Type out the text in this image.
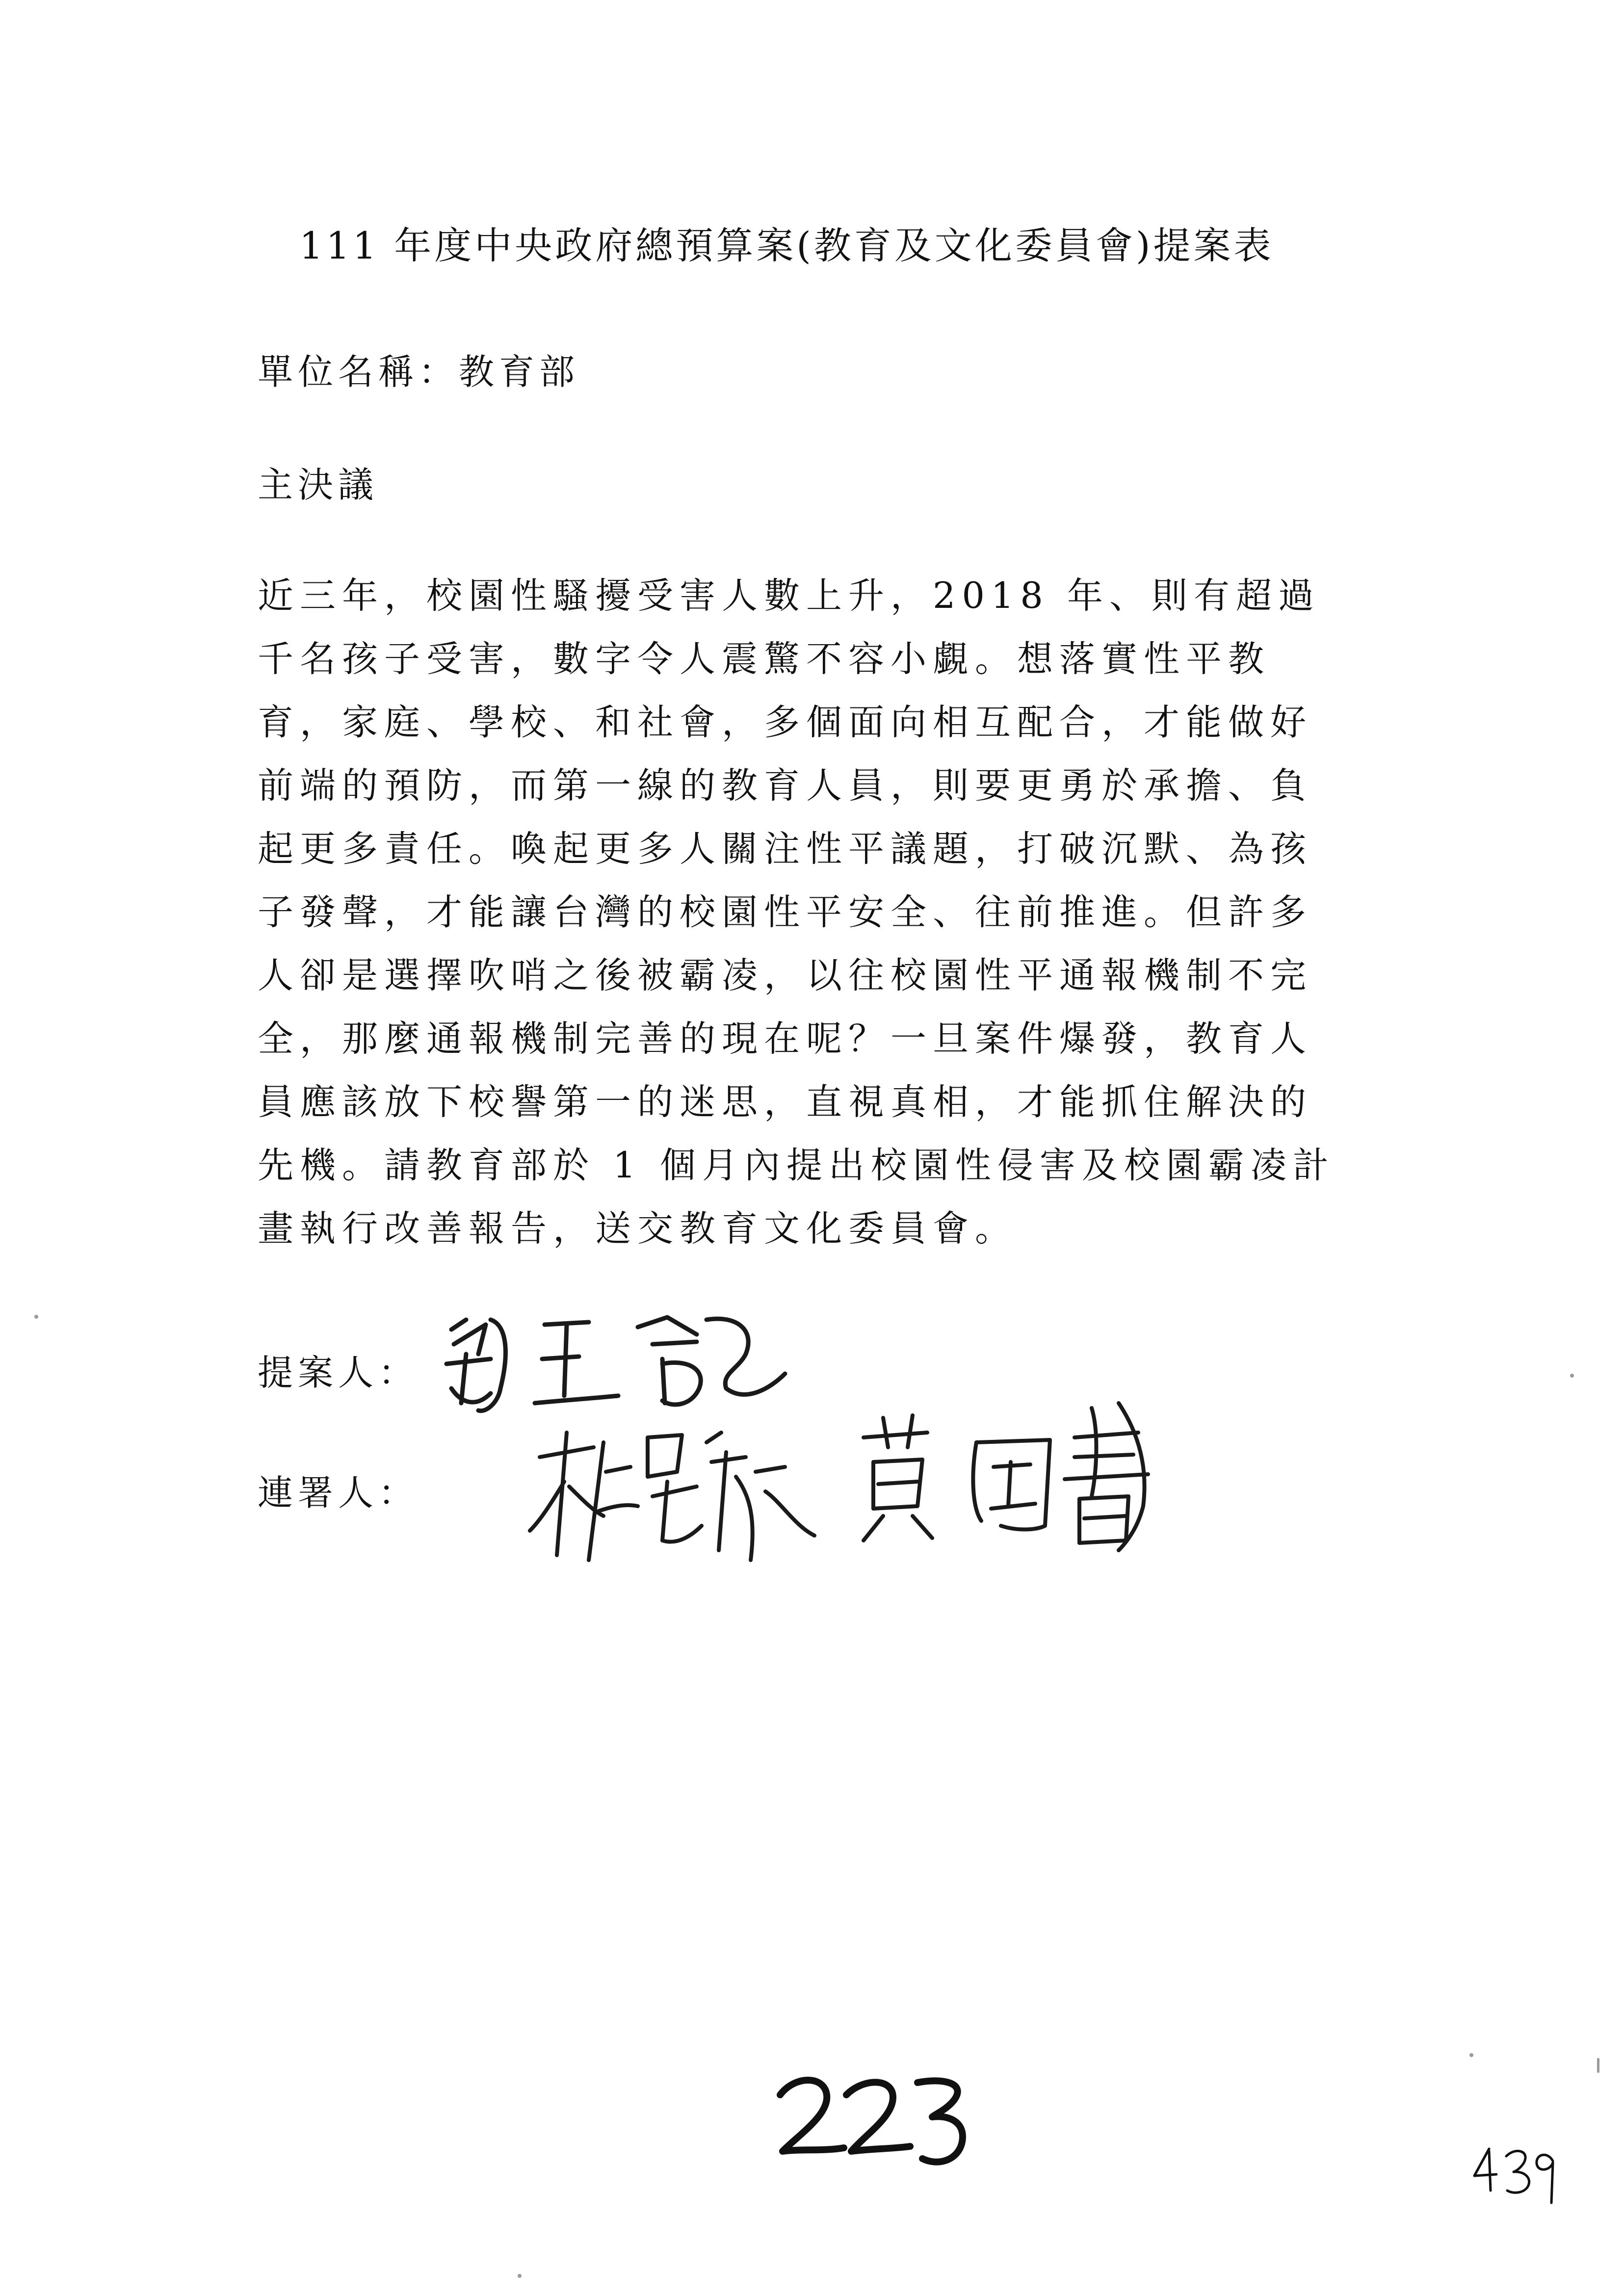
111 年度中央政府總預算案(教育及文化委員會)提案表

單位名稱：教育部

主決議

近三年，校園性騷擾受害人數上升，2018 年、則有超過
千名孩子受害，數字令人震驚不容小覷。想落實性平教
育，家庭、學校、和社會，多個面向相互配合，才能做好
前端的預防，而第一線的教育人員，則要更勇於承擔、負
起更多責任。喚起更多人關注性平議題，打破沉默、為孩
子發聲，才能讓台灣的校園性平安全、往前推進。但許多
人卻是選擇吹哨之後被霸凌，以往校園性平通報機制不完
全，那麼通報機制完善的現在呢？一旦案件爆發，教育人
員應該放下校譽第一的迷思，直視真相，才能抓住解決的
先機。請教育部於 1 個月內提出校園性侵害及校園霸凌計
畫執行改善報告，送交教育文化委員會。

提案人：

連署人：
